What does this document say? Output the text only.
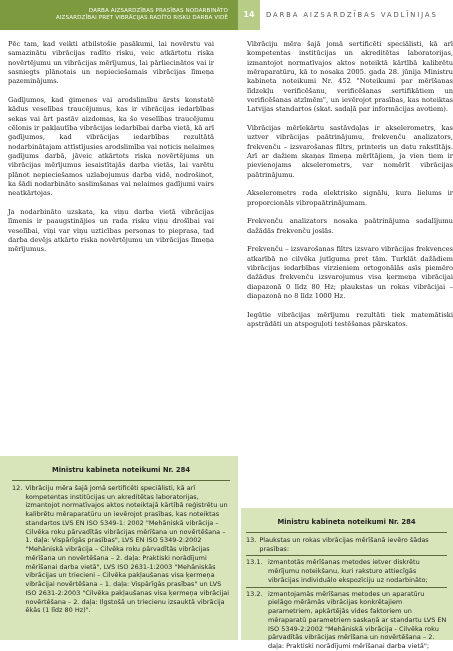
DARBA AIZSARDZĪBAS PRASĪBAS NODARBINĀTO
AIZSARDZĪBAI PRET VIBRĀCIJAS RADĪTO RISKU DARBA VIDĒ	14	DARBA AIZSARDZĪBAS VADLĪNIJAS

Pēc tam, kad veikti atbilstošie pasākumi, lai novērstu vai samazinātu vibrācijas radīto risku, veic atkārtotu riska novērtējumu un vibrācijas mērījumus, lai pārliecinātos vai ir sasniegts plānotais un nepieciešamais vibrācijas līmeņa pazeminājums.

Gadījumos, kad ģimenes vai arodslimību ārsts konstatē kādus veselības traucējumus, kas ir vibrācijas iedarbības sekas vai ārt pastāv aizdomas, ka šo veselības traucējumu cēlonis ir pakļautība vibrācijas iedarbībai darba vietā, kā arī gadījumos, kad vibrācijas iedarbības rezultātā nodarbinātajam attīstījusies arodslimība vai noticis nelaimes gadījums darbā, jāveic atkārtots riska novērtējums un vibrācijas mērījumus iesaistītajās darba vietās, lai varētu plānot nepieciešamos uzlabojumus darba vidē, nodrošinot, ka šādi nodarbināto saslimšanas vai nelaimes gadījumi vairs neatkārtojas.

Ja nodarbināto uzskata, ka viņu darba vietā vibrācijas līmenis ir paaugstinājies un rada risku viņu drošībai vai veselībai, viņi var viņu uzticības personas to pieprasa, tad darba devējs atkārto riska novērtējumu un vibrācijas līmeņa mērījumus.

Vibrāciju mēra šajā jomā sertificēti speciālisti, kā arī kompetentas institūcijas un akreditētas laboratorijas, izmantojot normatīvajos aktos noteiktā kārtībā kalibrētu mēraparatūru, kā to nosaka 2005. gada 28. jūnija Ministru kabineta noteikumi Nr. 452 "Noteikumi par mērīšanas līdzekļu verificēšanu, verificēšanas sertifikātiem un verificēšanas atzīmēm", un ievērojot prasības, kas noteiktas Latvijas standartos (skat. sadaļā par informācijas avotiem).

Vibrācijas mērīekārtu sastāvdaļas ir akselerometrs, kas uztver vibrācijas paātrinājumu, frekvenču analizators, frekvenču – izsvarošanas filtrs, printeris un datu rakstītājs. Arī ar dažiem skaņas līmeņa mērītājiem, ja vien tiem ir pievienojams akselerometrs, var nomērīt vibrācijas paātrinājumu.

Akselerometrs rada elektrisko signālu, kura lielums ir proporcionāls vibropaātrinājumam.

Frekvenču analizators nosaka paātrinājuma sadalījumu dažādās frekvenču joslās.

Frekvenču – izsvarošanas filtrs izsvaro vibrācijas frekvences atkarībā no cilvēka jutīguma pret tām. Turklāt dažādiem vibrācijas iedarbības virzieniem ortogonālās asīs piemēro dažādus frekvenču izsvarojumus visa ķermeņa vibrācijai diapazonā 0 līdz 80 Hz; plaukstas un rokas vibrācijai – diapazonā no 8 līdz 1000 Hz.

Iegūtie vibrācijas mērījumu rezultāti tiek matemātiski apstrādāti un atspoguļoti testēšanas pārskatos.

Ministru kabineta noteikumi Nr. 284
12. Vibrāciju mēra šajā jomā sertificēti speciālisti, kā arī kompetentas institūcijas un akreditētas laboratorijas, izmantojot normatīvajos aktos noteiktajā kārtībā reģistrētu un kalibrētu mēraparatūru un ievērojot prasības, kas noteiktas standartos LVS EN ISO 5349-1: 2002 "Mehāniskā vibrācija – Cilvēka roku pārvadītās vibrācijas mērīšana un novērtēšana – 1. daļa: Vispārīgās prasības", LVS EN ISO 5349-2:2002 "Mehāniskā vibrācija – Cilvēka roku pārvadītās vibrācijas mērīšana un novērtēšana – 2. daļa: Praktiski norādījumi mērīšanai darba vietā", LVS ISO 2631-1:2003 "Mehāniskās vibrācijas un triecieni – Cilvēka pakļaušanas visa ķermeņa vibrācijai novērtēšana – 1. daļa: Vispārīgās prasības" un LVS ISO 2631-2:2003 "Cilvēka pakļaušanas visa ķermeņa vibrācijai novērtēšana – 2. daļa: Ilgstošā un triecienu izsauktā vibrācija ēkās (1 līdz 80 Hz)".
Ministru kabineta noteikumi Nr. 284
13. Plaukstas un rokas vibrācijas mērīšanā ievēro šādas prasības:
13.1. izmantotās mērīšanas metodes ietver diskrētu mērījumu noteikšanu, kuri raksturo attiecīgās vibrācijas individuālo ekspozīciju uz nodarbināto;
13.2. izmantojamās mērīšanas metodes un aparatūru pielāgo mērāmās vibrācijas konkrētajiem parametriem, apkārtējās vides faktoriem un mēraparatū parametriem saskaņā ar standartu LVS EN ISO 5349-2:2002 "Mehāniskā vibrācija - Cilvēka roku pārvadītās vibrācijas mērīšana un novērtēšana – 2. daļa: Praktiski norādījumi mērīšanai darba vietā";
